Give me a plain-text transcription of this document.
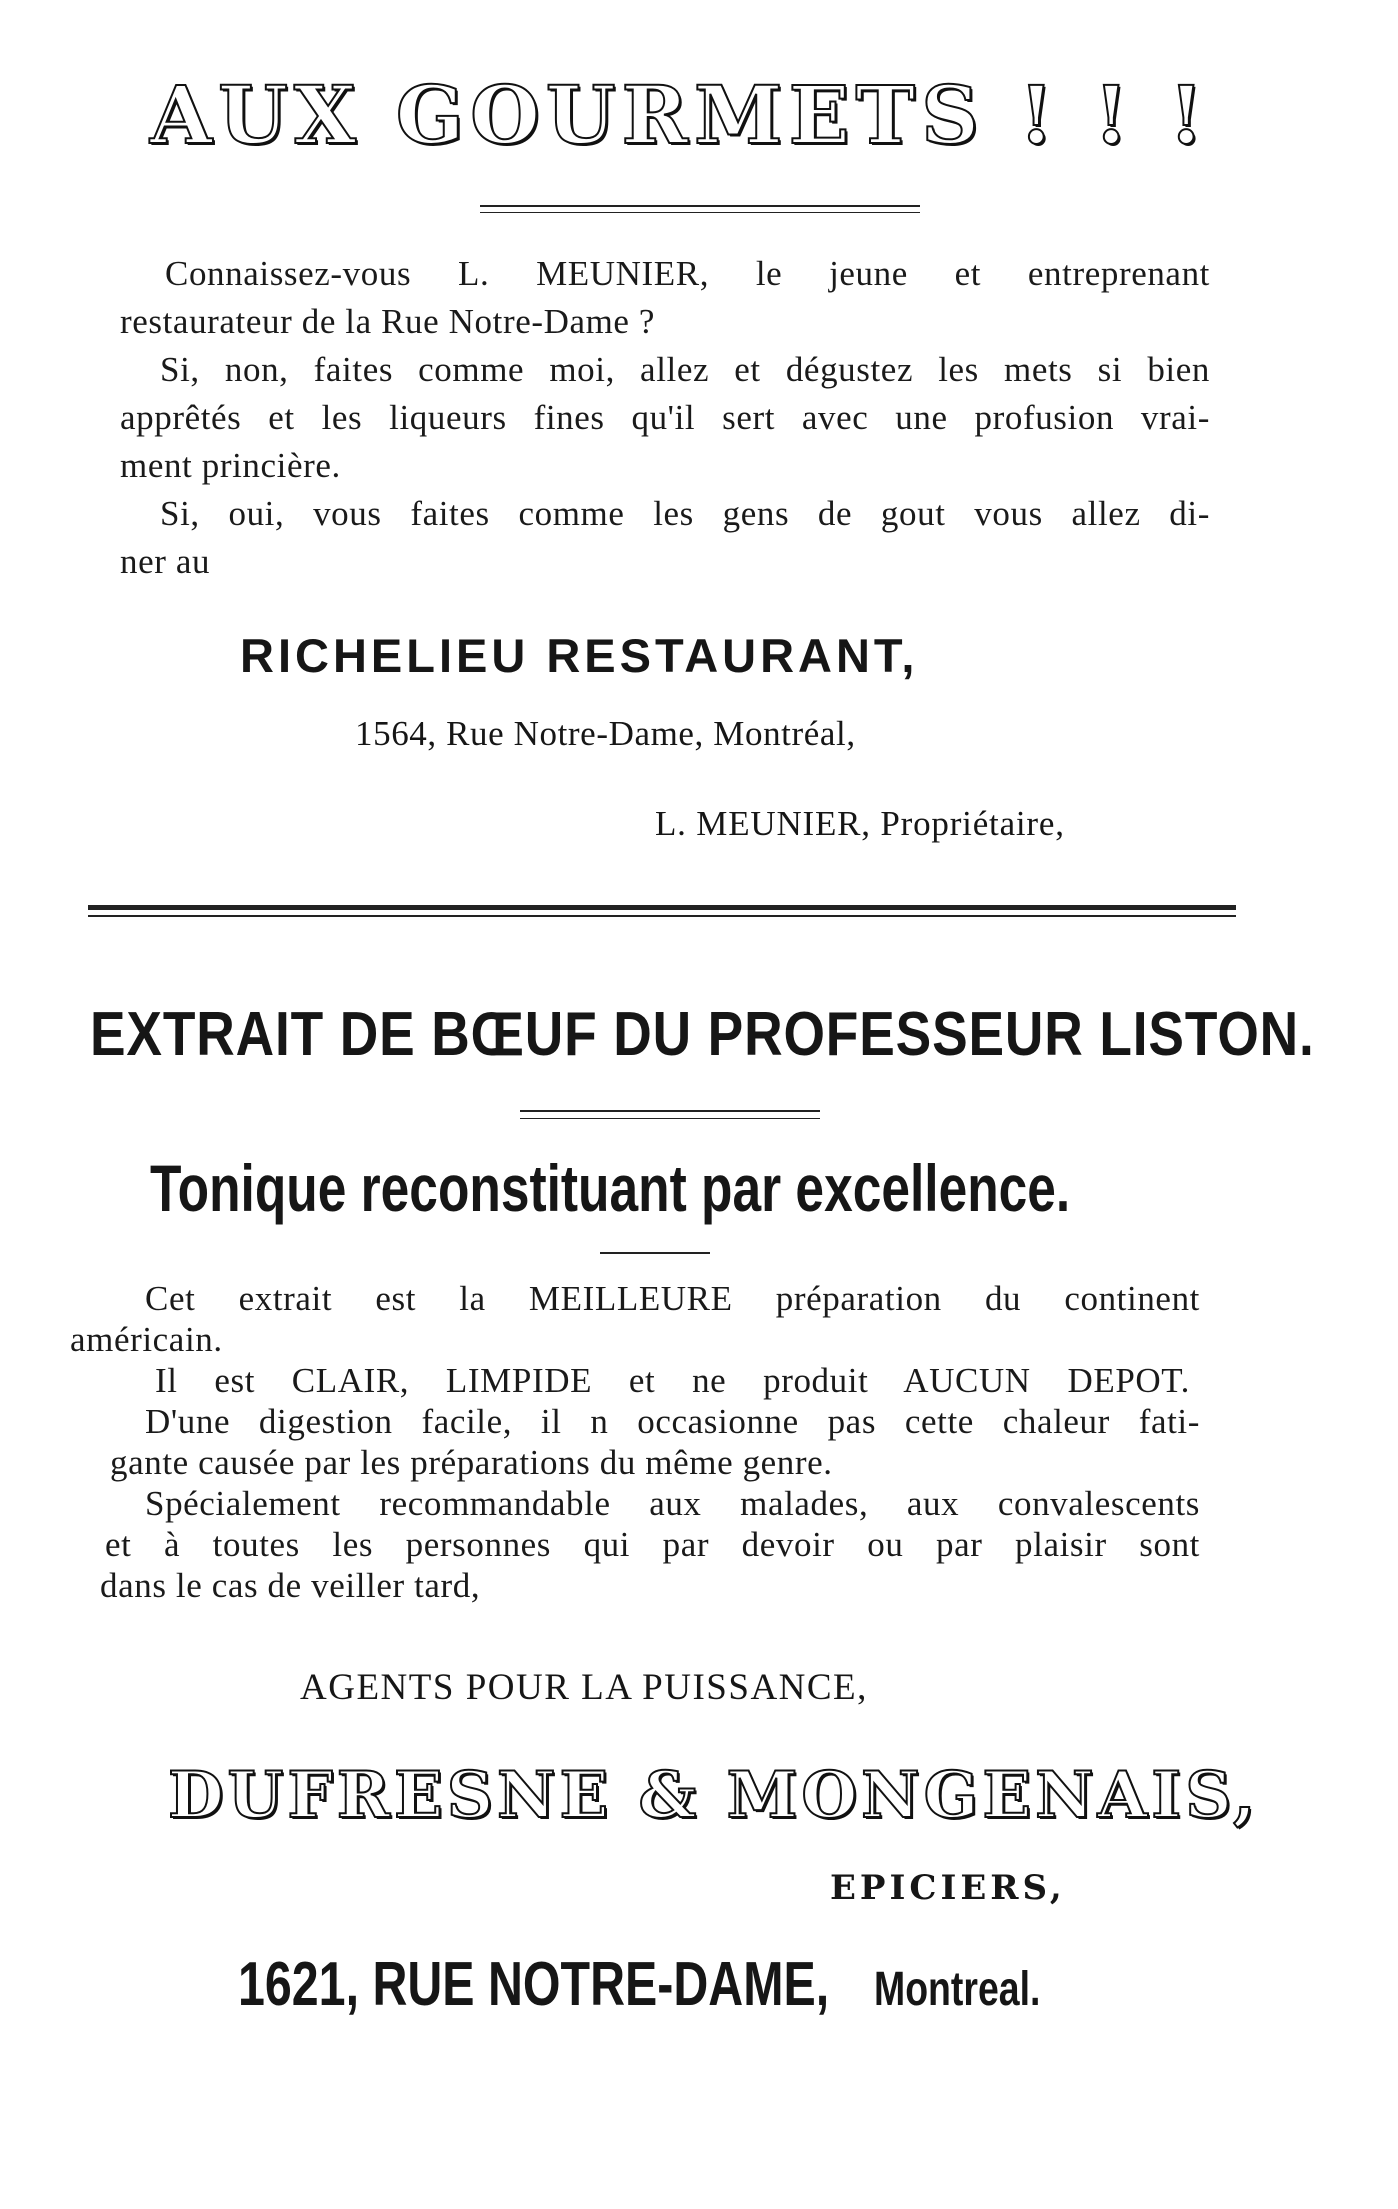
AUX GOURMETS ! ! !
Connaissez-vous L. MEUNIER, le jeune et entreprenant
restaurateur de la Rue Notre-Dame ?
Si, non, faites comme moi, allez et dégustez les mets si bien
apprêtés et les liqueurs fines qu'il sert avec une profusion vrai-
ment princière.
Si, oui, vous faites comme les gens de gout vous allez di-
ner au
RICHELIEU RESTAURANT,
1564, Rue Notre-Dame, Montréal,
L. MEUNIER, Propriétaire,
EXTRAIT DE BŒUF DU PROFESSEUR LISTON.
Tonique reconstituant par excellence.
Cet extrait est la MEILLEURE préparation du continent
américain.
Il est CLAIR, LIMPIDE et ne produit AUCUN DEPOT.
D'une digestion facile, il n occasionne pas cette chaleur fati-
gante causée par les préparations du même genre.
Spécialement recommandable aux malades, aux convalescents
et à toutes les personnes qui par devoir ou par plaisir sont
dans le cas de veiller tard,
AGENTS POUR LA PUISSANCE,
DUFRESNE & MONGENAIS,
EPICIERS,
1621, RUE NOTRE-DAME, Montreal.
